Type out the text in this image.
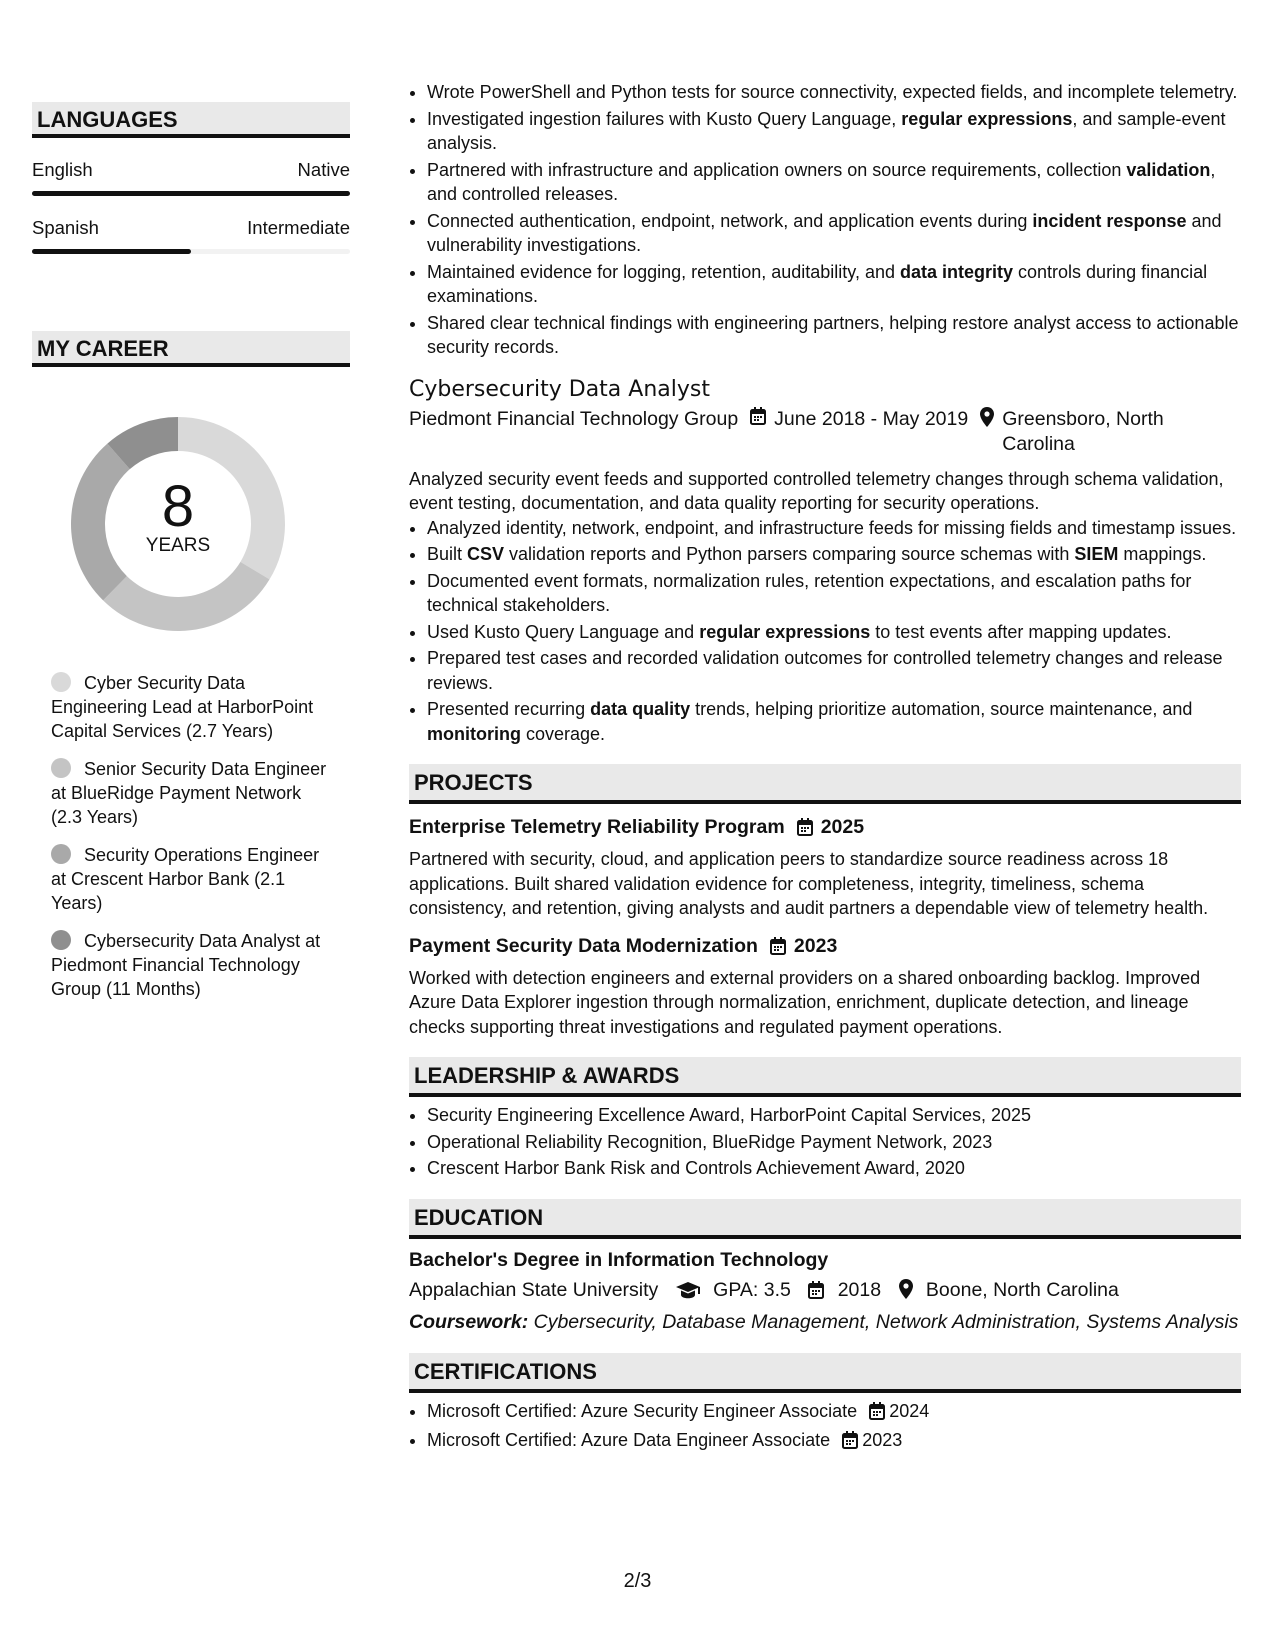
LANGUAGES
English	Native
Spanish	Intermediate
MY CAREER
8
YEARS
Cyber Security Data Engineering Lead at HarborPoint Capital Services (2.7 Years)
Senior Security Data Engineer at BlueRidge Payment Network (2.3 Years)
Security Operations Engineer at Crescent Harbor Bank (2.1 Years)
Cybersecurity Data Analyst at Piedmont Financial Technology Group (11 Months)
• Wrote PowerShell and Python tests for source connectivity, expected fields, and incomplete telemetry.
• Investigated ingestion failures with Kusto Query Language, regular expressions, and sample-event analysis.
• Partnered with infrastructure and application owners on source requirements, collection validation, and controlled releases.
• Connected authentication, endpoint, network, and application events during incident response and vulnerability investigations.
• Maintained evidence for logging, retention, auditability, and data integrity controls during financial examinations.
• Shared clear technical findings with engineering partners, helping restore analyst access to actionable security records.
Cybersecurity Data Analyst
Piedmont Financial Technology Group June 2018 - May 2019 Greensboro, North Carolina
Analyzed security event feeds and supported controlled telemetry changes through schema validation, event testing, documentation, and data quality reporting for security operations.
• Analyzed identity, network, endpoint, and infrastructure feeds for missing fields and timestamp issues.
• Built CSV validation reports and Python parsers comparing source schemas with SIEM mappings.
• Documented event formats, normalization rules, retention expectations, and escalation paths for technical stakeholders.
• Used Kusto Query Language and regular expressions to test events after mapping updates.
• Prepared test cases and recorded validation outcomes for controlled telemetry changes and release reviews.
• Presented recurring data quality trends, helping prioritize automation, source maintenance, and monitoring coverage.
PROJECTS
Enterprise Telemetry Reliability Program 2025
Partnered with security, cloud, and application peers to standardize source readiness across 18 applications. Built shared validation evidence for completeness, integrity, timeliness, schema consistency, and retention, giving analysts and audit partners a dependable view of telemetry health.
Payment Security Data Modernization 2023
Worked with detection engineers and external providers on a shared onboarding backlog. Improved Azure Data Explorer ingestion through normalization, enrichment, duplicate detection, and lineage checks supporting threat investigations and regulated payment operations.
LEADERSHIP & AWARDS
• Security Engineering Excellence Award, HarborPoint Capital Services, 2025
• Operational Reliability Recognition, BlueRidge Payment Network, 2023
• Crescent Harbor Bank Risk and Controls Achievement Award, 2020
EDUCATION
Bachelor's Degree in Information Technology
Appalachian State University	GPA: 3.5 2018 Boone, North Carolina
Coursework: Cybersecurity, Database Management, Network Administration, Systems Analysis
CERTIFICATIONS
• Microsoft Certified: Azure Security Engineer Associate 2024
• Microsoft Certified: Azure Data Engineer Associate 2023
2/3
